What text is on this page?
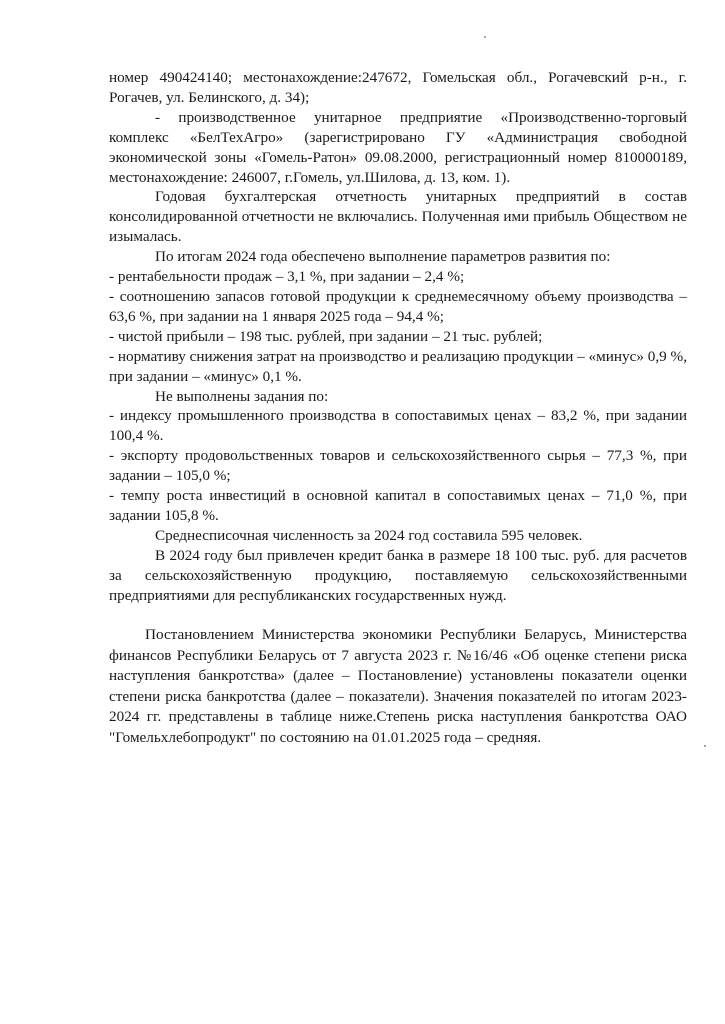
номер 490424140; местонахождение:247672, Гомельская обл., Рогачевский р-н., г. Рогачев, ул. Белинского, д. 34);

- производственное унитарное предприятие «Производственно-торговый комплекс «БелТехАгро» (зарегистрировано ГУ «Администрация свободной экономической зоны «Гомель-Ратон» 09.08.2000, регистрационный номер 810000189, местонахождение: 246007, г.Гомель, ул.Шилова, д. 13, ком. 1).

Годовая бухгалтерская отчетность унитарных предприятий в состав консолидированной отчетности не включались. Полученная ими прибыль Обществом не изымалась.

По итогам 2024 года обеспечено выполнение параметров развития по:

- рентабельности продаж – 3,1 %, при задании – 2,4 %;

- соотношению запасов готовой продукции к среднемесячному объему производства – 63,6 %, при задании на 1 января 2025 года – 94,4 %;

- чистой прибыли – 198 тыс. рублей, при задании – 21 тыс. рублей;

- нормативу снижения затрат на производство и реализацию продукции – «минус» 0,9 %, при задании – «минус» 0,1 %.

Не выполнены задания по:

- индексу промышленного производства в сопоставимых ценах – 83,2 %, при задании 100,4 %.

- экспорту продовольственных товаров и сельскохозяйственного сырья – 77,3 %, при задании – 105,0 %;

- темпу роста инвестиций в основной капитал в сопоставимых ценах – 71,0 %, при задании 105,8 %.

Среднесписочная численность за 2024 год составила 595 человек.

В 2024 году был привлечен кредит банка в размере 18 100 тыс. руб. для расчетов за сельскохозяйственную продукцию, поставляемую сельскохозяйственными предприятиями для республиканских государственных нужд.

Постановлением Министерства экономики Республики Беларусь, Министерства финансов Республики Беларусь от 7 августа 2023 г. №16/46 «Об оценке степени риска наступления банкротства» (далее – Постановление) установлены показатели оценки степени риска банкротства (далее – показатели). Значения показателей по итогам 2023-2024 гг. представлены в таблице ниже.Степень риска наступления банкротства ОАО "Гомельхлебопродукт" по состоянию на 01.01.2025 года – средняя.
